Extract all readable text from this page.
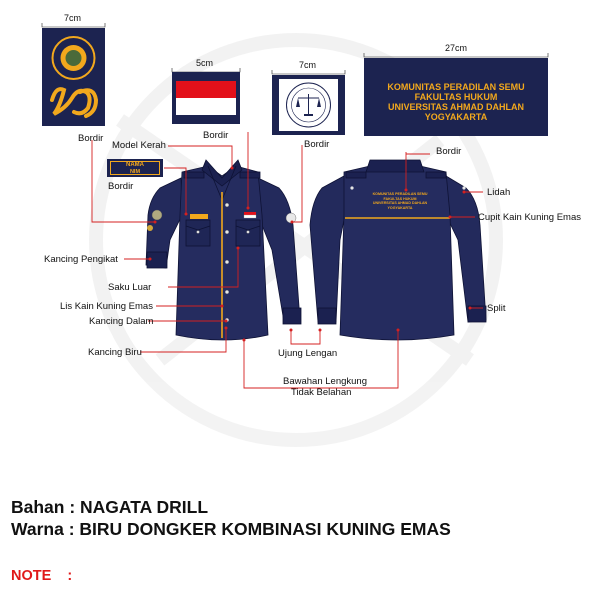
7cm
5cm	7cm
27cm
Bordir	Bordir
Bordir
KOMUNITAS PERADILAN SEMU
FAKULTAS HUKUM
UNIVERSITAS AHMAD DAHLAN
YOGYAKARTA
KOMUNITAS PERADILAN SEMU
FAKULTAS HUKUM
UNIVERSITAS AHMAD DAHLAN
YOGYAKARTA
NAMA
NIM
Bordir
Model Kerah
Kancing Pengikat
Saku Luar
Lis Kain Kuning Emas
Kancing Dalam
Kancing Biru	Ujung Lengan
Bawahan Lengkung
Tidak Belahan
Bordir
Lidah
Cupit Kain Kuning Emas
Split
Bahan : NAGATA DRILL
Warna : BIRU DONGKER KOMBINASI KUNING EMAS
NOTE    :
